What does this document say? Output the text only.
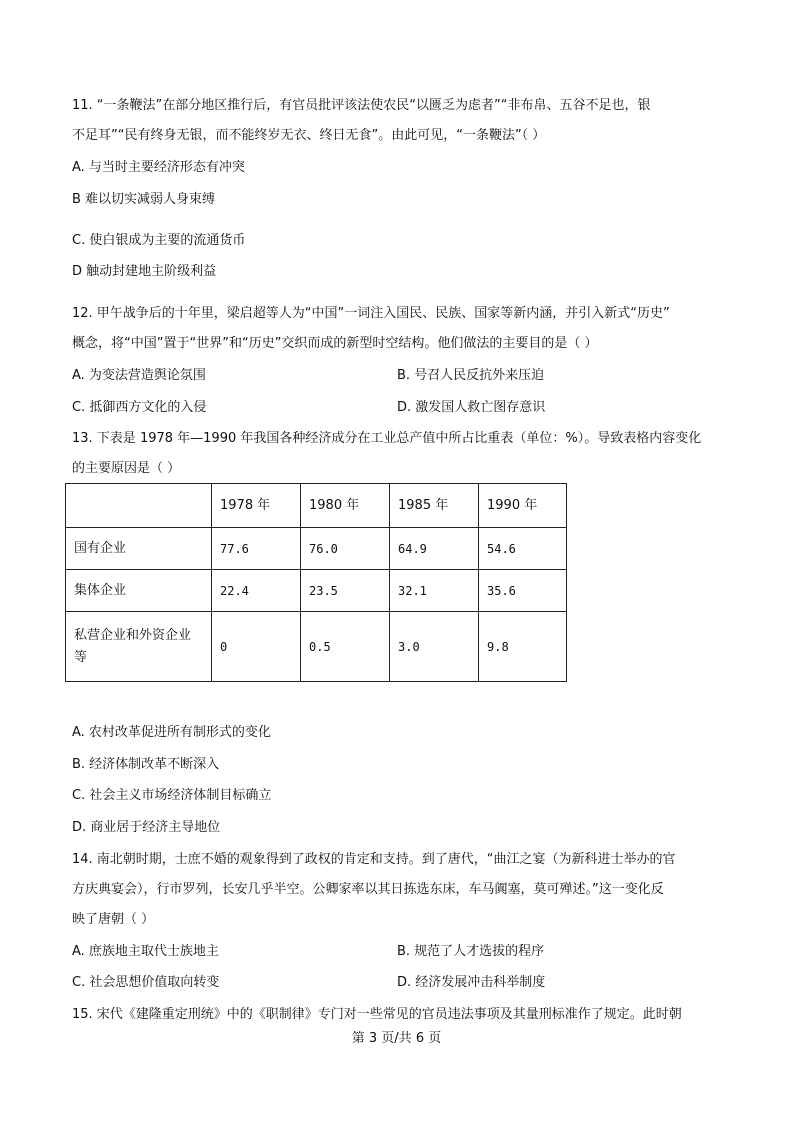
11. “一条鞭法”在部分地区推行后，有官员批评该法使农民“以匮乏为虑者”“非布帛、五谷不足也，银
不足耳”“民有终身无银，而不能终岁无衣、终日无食”。由此可见，“一条鞭法”（ ）
A. 与当时主要经济形态有冲突
B 难以切实减弱人身束缚
C. 使白银成为主要的流通货币
D 触动封建地主阶级利益
12. 甲午战争后的十年里，梁启超等人为“中国”一词注入国民、民族、国家等新内涵，并引入新式“历史”
概念，将“中国”置于“世界”和“历史”交织而成的新型时空结构。他们做法的主要目的是（ ）
A. 为变法营造舆论氛围	B. 号召人民反抗外来压迫
C. 抵御西方文化的入侵	D. 激发国人救亡图存意识
13. 下表是 1978 年—1990 年我国各种经济成分在工业总产值中所占比重表（单位：%）。导致表格内容变化
的主要原因是（ ）
	1978 年	1980 年	1985 年	1990 年
国有企业	77.6	76.0	64.9	54.6
集体企业	22.4	23.5	32.1	35.6

私营企业和外资企业
等	0	0.5	3.0	9.8
A. 农村改革促进所有制形式的变化
B. 经济体制改革不断深入
C. 社会主义市场经济体制目标确立
D. 商业居于经济主导地位
14. 南北朝时期，士庶不婚的观象得到了政权的肯定和支持。到了唐代，“曲江之宴（为新科进士举办的官
方庆典宴会），行市罗列，长安几乎半空。公卿家率以其日拣选东床，车马阗塞，莫可殚述。”这一变化反
映了唐朝（ ）
A. 庶族地主取代士族地主	B. 规范了人才选拔的程序
C. 社会思想价值取向转变	D. 经济发展冲击科举制度
15. 宋代《建隆重定刑统》中的《职制律》专门对一些常见的官员违法事项及其量刑标准作了规定。此时朝
第 3 页/共 6 页
